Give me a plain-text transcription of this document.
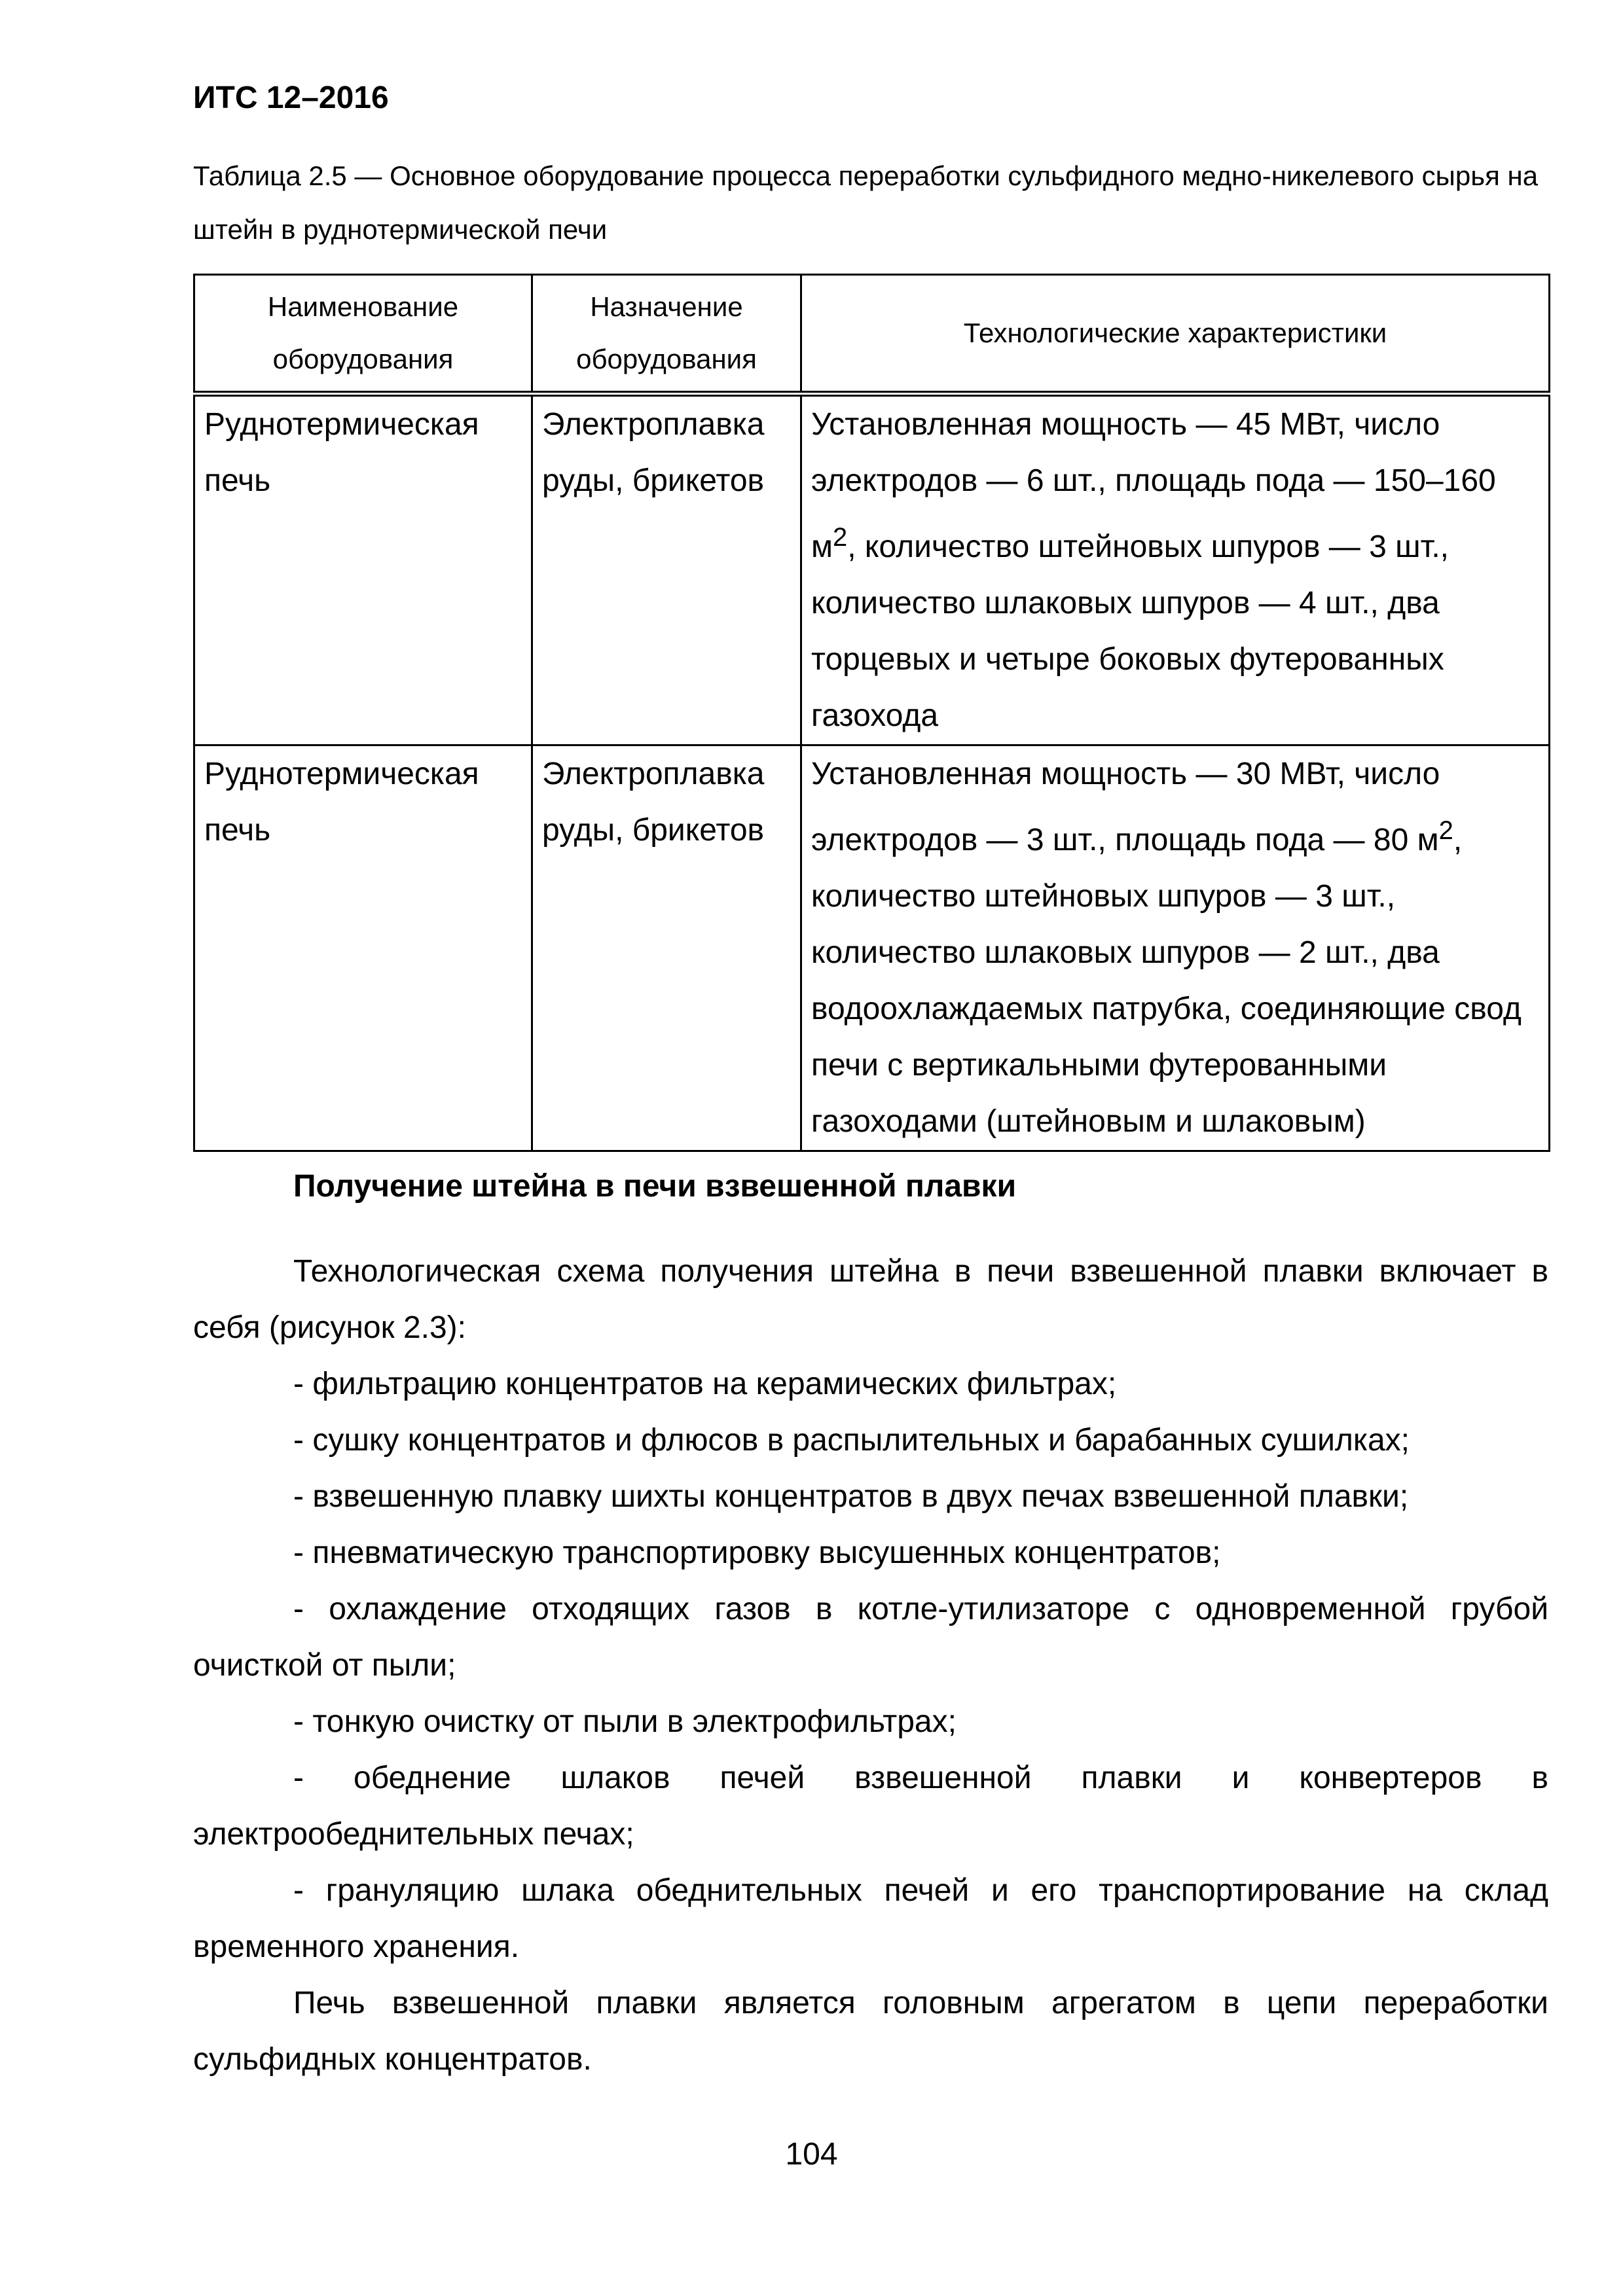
ИТС 12–2016

Таблица 2.5 — Основное оборудование процесса переработки сульфидного медно-никелевого сырья на штейн в руднотермической печи

Наименование оборудования	Назначение оборудования	Технологические характеристики
Руднотермическая печь	Электроплавка руды, брикетов	Установленная мощность — 45 МВт, число электродов — 6 шт., площадь пода — 150–160 $м^2$, количество штейновых шпуров — 3 шт., количество шлаковых шпуров — 4 шт., два торцевых и четыре боковых футерованных газохода
Руднотермическая печь	Электроплавка руды, брикетов	Установленная мощность — 30 МВт, число электродов — 3 шт., площадь пода — 80 $м^2$, количество штейновых шпуров — 3 шт., количество шлаковых шпуров — 2 шт., два водоохлаждаемых патрубка, соединяющие свод печи с вертикальными футерованными газоходами (штейновым и шлаковым)
Получение штейна в печи взвешенной плавки

Технологическая схема получения штейна в печи взвешенной плавки включает в себя (рисунок 2.3):

- фильтрацию концентратов на керамических фильтрах;

- сушку концентратов и флюсов в распылительных и барабанных сушилках;

- взвешенную плавку шихты концентратов в двух печах взвешенной плавки;

- пневматическую транспортировку высушенных концентратов;

- охлаждение отходящих газов в котле-утилизаторе с одновременной грубой очисткой от пыли;

- тонкую очистку от пыли в электрофильтрах;

- обеднение шлаков печей взвешенной плавки и конвертеров в электрообеднительных печах;

- грануляцию шлака обеднительных печей и его транспортирование на склад временного хранения.

Печь взвешенной плавки является головным агрегатом в цепи переработки сульфидных концентратов.

104
